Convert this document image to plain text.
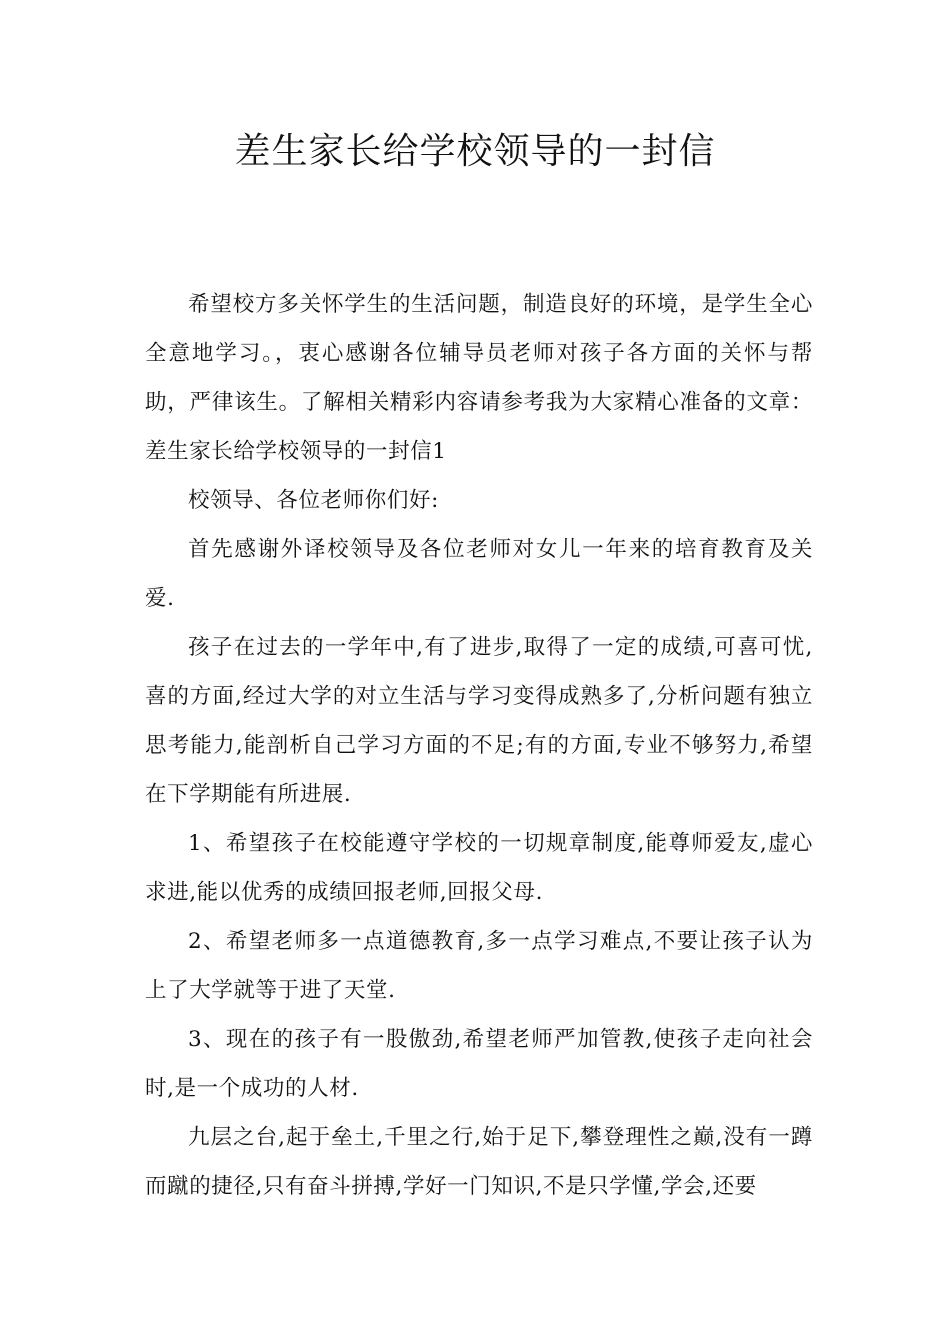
差生家长给学校领导的一封信

希望校方多关怀学生的生活问题，制造良好的环境，是学生全心全意地学习。，衷心感谢各位辅导员老师对孩子各方面的关怀与帮助，严律该生。了解相关精彩内容请参考我为大家精心准备的文章：差生家长给学校领导的一封信1

校领导、各位老师你们好:

首先感谢外译校领导及各位老师对女儿一年来的培育教育及关爱.

孩子在过去的一学年中,有了进步,取得了一定的成绩,可喜可忧,喜的方面,经过大学的对立生活与学习变得成熟多了,分析问题有独立思考能力,能剖析自己学习方面的不足;有的方面,专业不够努力,希望在下学期能有所进展.

1、希望孩子在校能遵守学校的一切规章制度,能尊师爱友,虚心求进,能以优秀的成绩回报老师,回报父母.

2、希望老师多一点道德教育,多一点学习难点,不要让孩子认为上了大学就等于进了天堂.

3、现在的孩子有一股傲劲,希望老师严加管教,使孩子走向社会时,是一个成功的人材.

九层之台,起于垒土,千里之行,始于足下,攀登理性之巅,没有一蹲而蹴的捷径,只有奋斗拼搏,学好一门知识,不是只学懂,学会,还要
